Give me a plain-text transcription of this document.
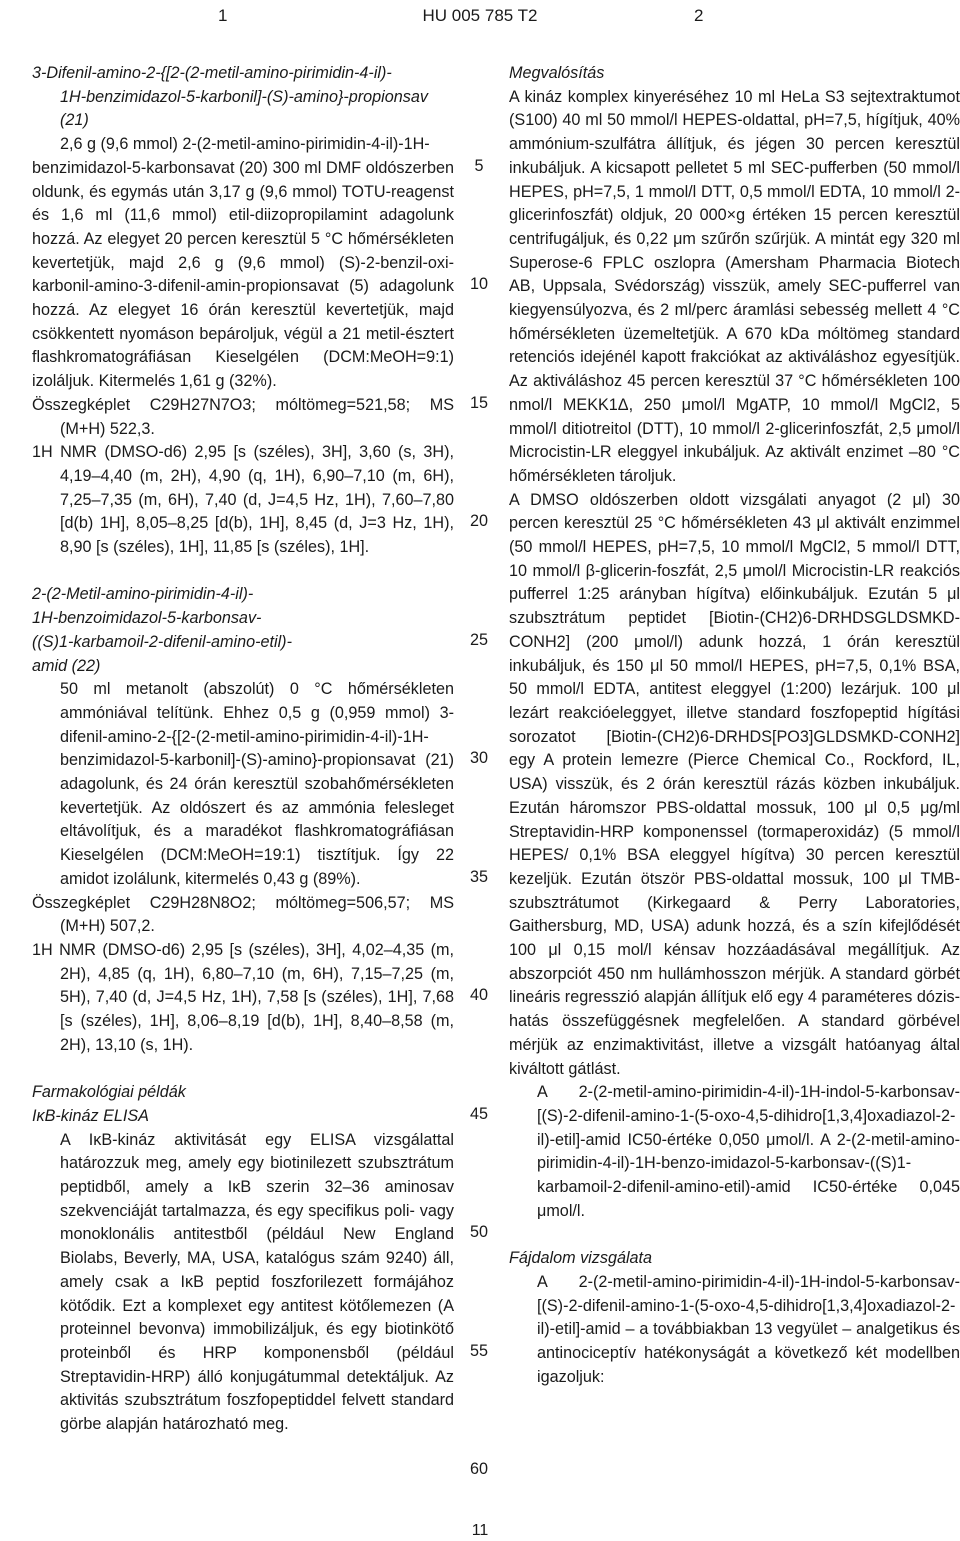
1	HU 005 785 T2	2

3-Difenil-amino-2-{[2-(2-metil-amino-pirimidin-4-il)-

1H-benzimidazol-5-karbonil]-(S)-amino}-propionsav

(21)

2,6 g (9,6 mmol) 2-(2-metil-amino-pirimidin-4-il)-1H-

benzimidazol-5-karbonsavat (20) 300 ml DMF oldószerben oldunk, és egymás után 3,17 g (9,6 mmol) TOTU-reagenst és 1,6 ml (11,6 mmol) etil-diizopropilamint adagolunk hozzá. Az elegyet 20 percen keresztül 5 °C hőmérsékleten kevertetjük, majd 2,6 g (9,6 mmol) (S)-2-benzil-oxi-karbonil-amino-3-difenil-amin-propionsavat (5) adagolunk hozzá. Az elegyet 16 órán keresztül kevertetjük, majd csökkentett nyomáson bepároljuk, végül a 21 metil-észtert flashkromatográfiásan Kieselgélen (DCM:MeOH=9:1) izoláljuk. Kitermelés 1,61 g (32%).

Összegképlet C29H27N7O3; móltömeg=521,58; MS (M+H) 522,3.

1H NMR (DMSO-d6) 2,95 [s (széles), 3H], 3,60 (s, 3H), 4,19–4,40 (m, 2H), 4,90 (q, 1H), 6,90–7,10 (m, 6H), 7,25–7,35 (m, 6H), 7,40 (d, J=4,5 Hz, 1H), 7,60–7,80 [d(b) 1H], 8,05–8,25 [d(b), 1H], 8,45 (d, J=3 Hz, 1H), 8,90 [s (széles), 1H], 11,85 [s (széles), 1H].

2-(2-Metil-amino-pirimidin-4-il)-

1H-benzoimidazol-5-karbonsav-

((S)1-karbamoil-2-difenil-amino-etil)-

amid (22)

50 ml metanolt (abszolút) 0 °C hőmérsékleten ammóniával telítünk. Ehhez 0,5 g (0,959 mmol) 3-difenil-amino-2-{[2-(2-metil-amino-pirimidin-4-il)-1H-benzimidazol-5-karbonil]-(S)-amino}-propionsavat (21) adagolunk, és 24 órán keresztül szobahőmérsékleten kevertetjük. Az oldószert és az ammónia felesleget eltávolítjuk, és a maradékot flashkromatográfiásan Kieselgélen (DCM:MeOH=19:1) tisztítjuk. Így 22 amidot izolálunk, kitermelés 0,43 g (89%).

Összegképlet C29H28N8O2; móltömeg=506,57; MS (M+H) 507,2.

1H NMR (DMSO-d6) 2,95 [s (széles), 3H], 4,02–4,35 (m, 2H), 4,85 (q, 1H), 6,80–7,10 (m, 6H), 7,15–7,25 (m, 5H), 7,40 (d, J=4,5 Hz, 1H), 7,58 [s (széles), 1H], 7,68 [s (széles), 1H], 8,06–8,19 [d(b), 1H], 8,40–8,58 (m, 2H), 13,10 (s, 1H).

Farmakológiai példák

IκB-kináz ELISA

A IκB-kináz aktivitását egy ELISA vizsgálattal határozzuk meg, amely egy biotinilezett szubsztrátum peptidből, amely a IκB szerin 32–36 aminosav szekvenciáját tartalmazza, és egy specifikus poli- vagy monoklonális antitestből (például New England Biolabs, Beverly, MA, USA, katalógus szám 9240) áll, amely csak a IκB peptid foszforilezett formájához kötődik. Ezt a komplexet egy antitest kötőlemezen (A proteinnel bevonva) immobilizáljuk, és egy biotinkötő proteinből és HRP komponensből (például Streptavidin-HRP) álló konjugátummal detektáljuk. Az aktivitás szubsztrátum foszfopeptiddel felvett standard görbe alapján határozható meg.

Megvalósítás

A kináz komplex kinyeréséhez 10 ml HeLa S3 sejtextraktumot (S100) 40 ml 50 mmol/l HEPES-oldattal, pH=7,5, hígítjuk, 40% ammónium-szulfátra állítjuk, és jégen 30 percen keresztül inkubáljuk. A kicsapott pelletet 5 ml SEC-pufferben (50 mmol/l HEPES, pH=7,5, 1 mmol/l DTT, 0,5 mmol/l EDTA, 10 mmol/l 2-glicerinfoszfát) oldjuk, 20 000×g értéken 15 percen keresztül centrifugáljuk, és 0,22 μm szűrőn szűrjük. A mintát egy 320 ml Superose-6 FPLC oszlopra (Amersham Pharmacia Biotech AB, Uppsala, Svédország) visszük, amely SEC-pufferrel van kiegyensúlyozva, és 2 ml/perc áramlási sebesség mellett 4 °C hőmérsékleten üzemeltetjük. A 670 kDa móltömeg standard retenciós idejénél kapott frakciókat az aktiváláshoz egyesítjük. Az aktiváláshoz 45 percen keresztül 37 °C hőmérsékleten 100 nmol/l MEKK1Δ, 250 μmol/l MgATP, 10 mmol/l MgCl2, 5 mmol/l ditiotreitol (DTT), 10 mmol/l 2-glicerinfoszfát, 2,5 μmol/l Microcistin-LR eleggyel inkubáljuk. Az aktivált enzimet –80 °C hőmérsékleten tároljuk.

A DMSO oldószerben oldott vizsgálati anyagot (2 μl) 30 percen keresztül 25 °C hőmérsékleten 43 μl aktivált enzimmel (50 mmol/l HEPES, pH=7,5, 10 mmol/l MgCl2, 5 mmol/l DTT, 10 mmol/l β-glicerin-foszfát, 2,5 μmol/l Microcistin-LR reakciós pufferrel 1:25 arányban hígítva) előinkubáljuk. Ezután 5 μl szubsztrátum peptidet [Biotin-(CH2)6-DRHDSGLDSMKD-CONH2] (200 μmol/l) adunk hozzá, 1 órán keresztül inkubáljuk, és 150 μl 50 mmol/l HEPES, pH=7,5, 0,1% BSA, 50 mmol/l EDTA, antitest eleggyel (1:200) lezárjuk. 100 μl lezárt reakcióeleggyet, illetve standard foszfopeptid hígítási sorozatot [Biotin-(CH2)6-DRHDS[PO3]GLDSMKD-CONH2] egy A protein lemezre (Pierce Chemical Co., Rockford, IL, USA) visszük, és 2 órán keresztül rázás közben inkubáljuk. Ezután háromszor PBS-oldattal mossuk, 100 μl 0,5 μg/ml Streptavidin-HRP komponenssel (tormaperoxidáz) (5 mmol/l HEPES/ 0,1% BSA eleggyel hígítva) 30 percen keresztül kezeljük. Ezután ötször PBS-oldattal mossuk, 100 μl TMB-szubsztrátumot (Kirkegaard & Perry Laboratories, Gaithersburg, MD, USA) adunk hozzá, és a szín kifejlődését 100 μl 0,15 mol/l kénsav hozzáadásával megállítjuk. Az abszorpciót 450 nm hullámhosszon mérjük. A standard görbét lineáris regresszió alapján állítjuk elő egy 4 paraméteres dózis-hatás összefüggésnek megfelelően. A standard görbével mérjük az enzimaktivitást, illetve a vizsgált hatóanyag által kiváltott gátlást.

A 2-(2-metil-amino-pirimidin-4-il)-1H-indol-5-karbonsav-[(S)-2-difenil-amino-1-(5-oxo-4,5-dihidro[1,3,4]oxadiazol-2-il)-etil]-amid IC50-értéke 0,050 μmol/l. A 2-(2-metil-amino-pirimidin-4-il)-1H-benzo-imidazol-5-karbonsav-((S)1-karbamoil-2-difenil-amino-etil)-amid IC50-értéke 0,045 μmol/l.

Fájdalom vizsgálata

A 2-(2-metil-amino-pirimidin-4-il)-1H-indol-5-karbonsav-[(S)-2-difenil-amino-1-(5-oxo-4,5-dihidro[1,3,4]oxadiazol-2-il)-etil]-amid – a továbbiakban 13 vegyület – analgetikus és antinociceptív hatékonyságát a következő két modellben igazoljuk:

5
10
15
20
25
30
35
40
45
50
55
60
11
